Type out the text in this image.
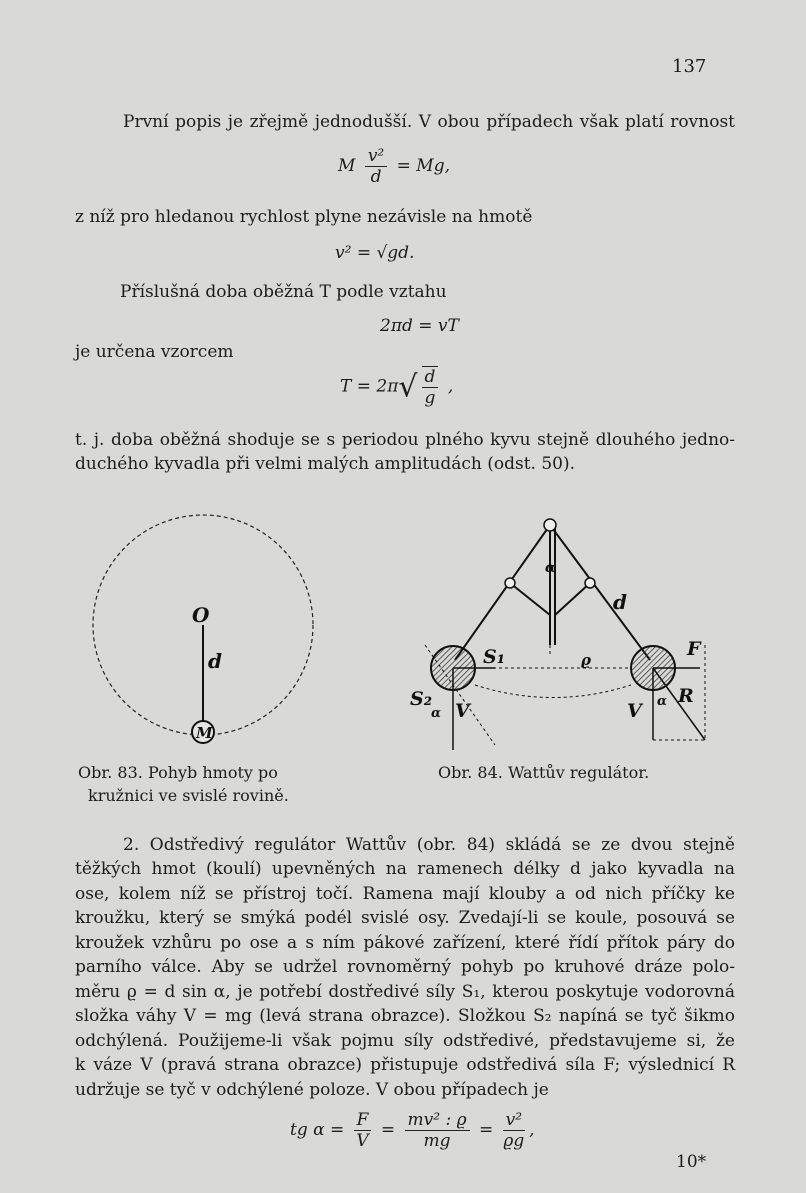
137
První popis je zřejmě jednodušší. V obou případech však platí rovnost
M $\frac{\text{v²}}{d} = Mg$,
z níž pro hledanou rychlost plyne nezávisle na hmotě
v² = √gd.
Příslušná doba oběžná T podle vztahu
2πd = vT
je určena vzorcem
$T = 2\pi√ \frac{d}{g}$ ,
t. j. doba oběžná shoduje se s periodou plného kyvu stejně dlouhého jedno-
duchého kyvadla při velmi malých amplitudách (odst. 50).
O
d
M
Obr. 83. Pohyb hmoty po
kružnici ve svislé rovině.
α
d
S₁	ϱ	F
S₂
α V
R
V α
Obr. 84. Wattův regulátor.
2. Odstředivý regulátor Wattův (obr. 84) skládá se ze dvou stejně
těžkých hmot (koulí) upevněných na ramenech délky d jako kyvadla na
ose, kolem níž se přístroj točí. Ramena mají klouby a od nich příčky ke
kroužku, který se smýká podél svislé osy. Zvedají-li se koule, posouvá se
kroužek vzhůru po ose a s ním pákové zařízení, které řídí přítok páry do
parního válce. Aby se udržel rovnoměrný pohyb po kruhové dráze polo-
měru ϱ = d sin α, je potřebí dostředivé síly S₁, kterou poskytuje vodorovná
složka váhy V = mg (levá strana obrazce). Složkou S₂ napíná se tyč šikmo
odchýlená. Použijeme-li však pojmu síly odstředivé, představujeme si, že
k váze V (pravá strana obrazce) přistupuje odstředivá síla F; výslednicí R
udržuje se tyč v odchýlené poloze. V obou případech je
tg $\alpha = \frac{F}{V} = \frac{\text{mv² : ϱ}}{mg} = \frac{\text{v²}}{ϱg}$ ,
10*
